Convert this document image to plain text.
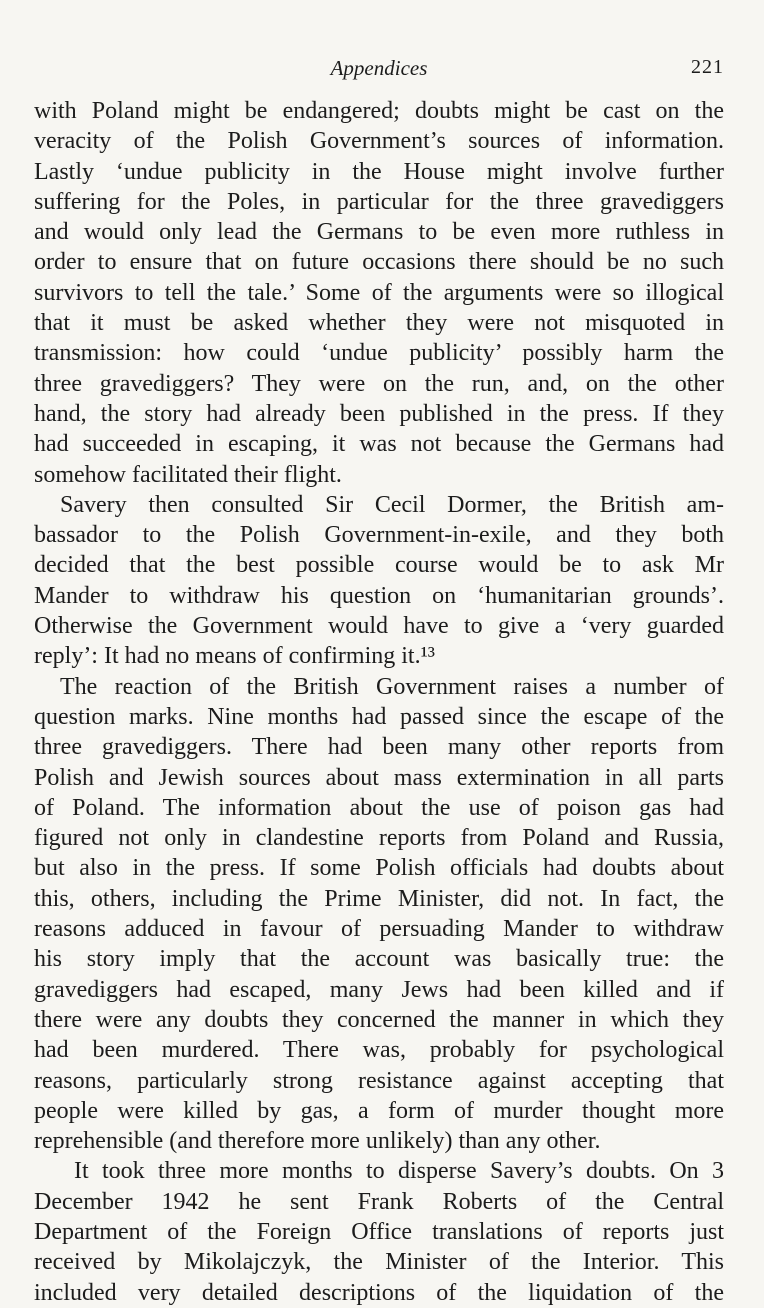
Appendices	221
with Poland might be endangered; doubts might be cast on the
veracity of the Polish Government’s sources of information.
Lastly ‘undue publicity in the House might involve further
suffering for the Poles, in particular for the three gravediggers
and would only lead the Germans to be even more ruthless in
order to ensure that on future occasions there should be no such
survivors to tell the tale.’ Some of the arguments were so illogical
that it must be asked whether they were not misquoted in
transmission: how could ‘undue publicity’ possibly harm the
three gravediggers? They were on the run, and, on the other
hand, the story had already been published in the press. If they
had succeeded in escaping, it was not because the Germans had
somehow facilitated their flight.
Savery then consulted Sir Cecil Dormer, the British am-
bassador to the Polish Government-in-exile, and they both
decided that the best possible course would be to ask Mr
Mander to withdraw his question on ‘humanitarian grounds’.
Otherwise the Government would have to give a ‘very guarded
reply’: It had no means of confirming it.¹³
The reaction of the British Government raises a number of
question marks. Nine months had passed since the escape of the
three gravediggers. There had been many other reports from
Polish and Jewish sources about mass extermination in all parts
of Poland. The information about the use of poison gas had
figured not only in clandestine reports from Poland and Russia,
but also in the press. If some Polish officials had doubts about
this, others, including the Prime Minister, did not. In fact, the
reasons adduced in favour of persuading Mander to withdraw
his story imply that the account was basically true: the
gravediggers had escaped, many Jews had been killed and if
there were any doubts they concerned the manner in which they
had been murdered. There was, probably for psychological
reasons, particularly strong resistance against accepting that
people were killed by gas, a form of murder thought more
reprehensible (and therefore more unlikely) than any other.
It took three more months to disperse Savery’s doubts. On 3
December 1942 he sent Frank Roberts of the Central
Department of the Foreign Office translations of reports just
received by Mikolajczyk, the Minister of the Interior. This
included very detailed descriptions of the liquidation of the
